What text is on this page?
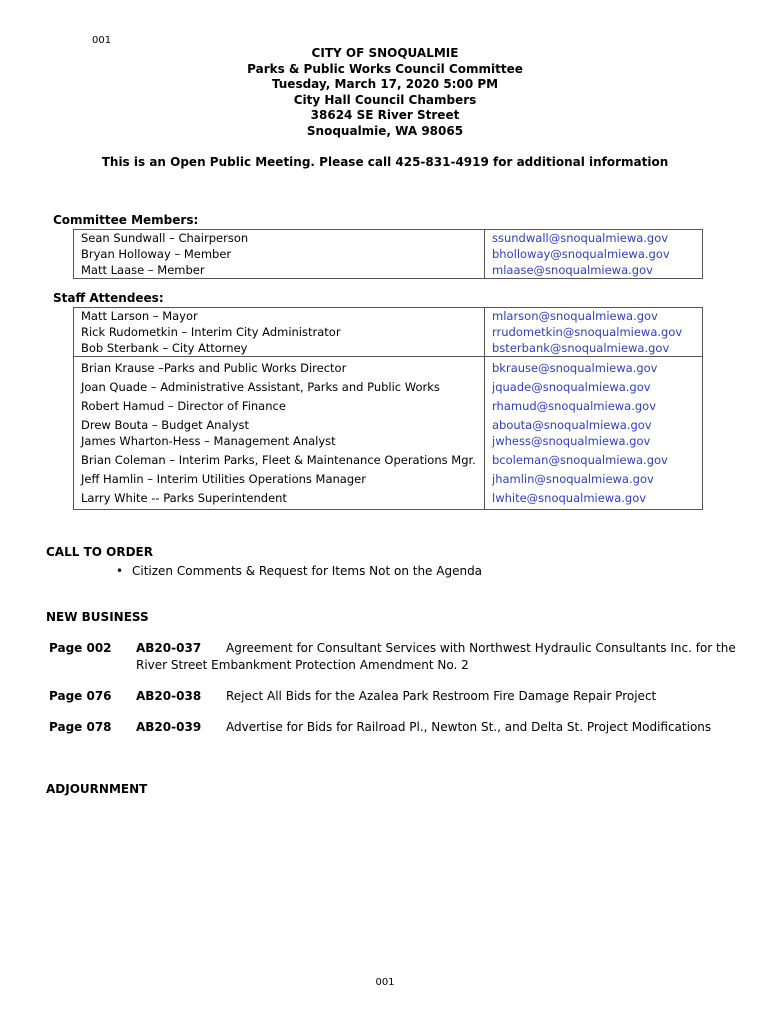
001
CITY OF SNOQUALMIE
Parks & Public Works Council Committee
Tuesday, March 17, 2020 5:00 PM
City Hall Council Chambers
38624 SE River Street
Snoqualmie, WA 98065
This is an Open Public Meeting. Please call 425-831-4919 for additional information
Committee Members:
Sean Sundwall – Chairperson	ssundwall@snoqualmiewa.gov
Bryan Holloway – Member	bholloway@snoqualmiewa.gov
Matt Laase – Member	mlaase@snoqualmiewa.gov
Staff Attendees:
Matt Larson – Mayor	mlarson@snoqualmiewa.gov
Rick Rudometkin – Interim City Administrator	rrudometkin@snoqualmiewa.gov
Bob Sterbank – City Attorney	bsterbank@snoqualmiewa.gov
Brian Krause –Parks and Public Works Director	bkrause@snoqualmiewa.gov
Joan Quade – Administrative Assistant, Parks and Public Works	jquade@snoqualmiewa.gov
Robert Hamud – Director of Finance	rhamud@snoqualmiewa.gov
Drew Bouta – Budget Analyst	abouta@snoqualmiewa.gov
James Wharton-Hess – Management Analyst	jwhess@snoqualmiewa.gov
Brian Coleman – Interim Parks, Fleet & Maintenance Operations Mgr.	bcoleman@snoqualmiewa.gov
Jeff Hamlin – Interim Utilities Operations Manager	jhamlin@snoqualmiewa.gov
Larry White -- Parks Superintendent	lwhite@snoqualmiewa.gov
CALL TO ORDER
• Citizen Comments & Request for Items Not on the Agenda
NEW BUSINESS
Page 002 AB20-037 Agreement for Consultant Services with Northwest Hydraulic Consultants Inc. for the
River Street Embankment Protection Amendment No. 2
Page 076 AB20-038 Reject All Bids for the Azalea Park Restroom Fire Damage Repair Project
Page 078 AB20-039 Advertise for Bids for Railroad Pl., Newton St., and Delta St. Project Modifications
ADJOURNMENT
001
